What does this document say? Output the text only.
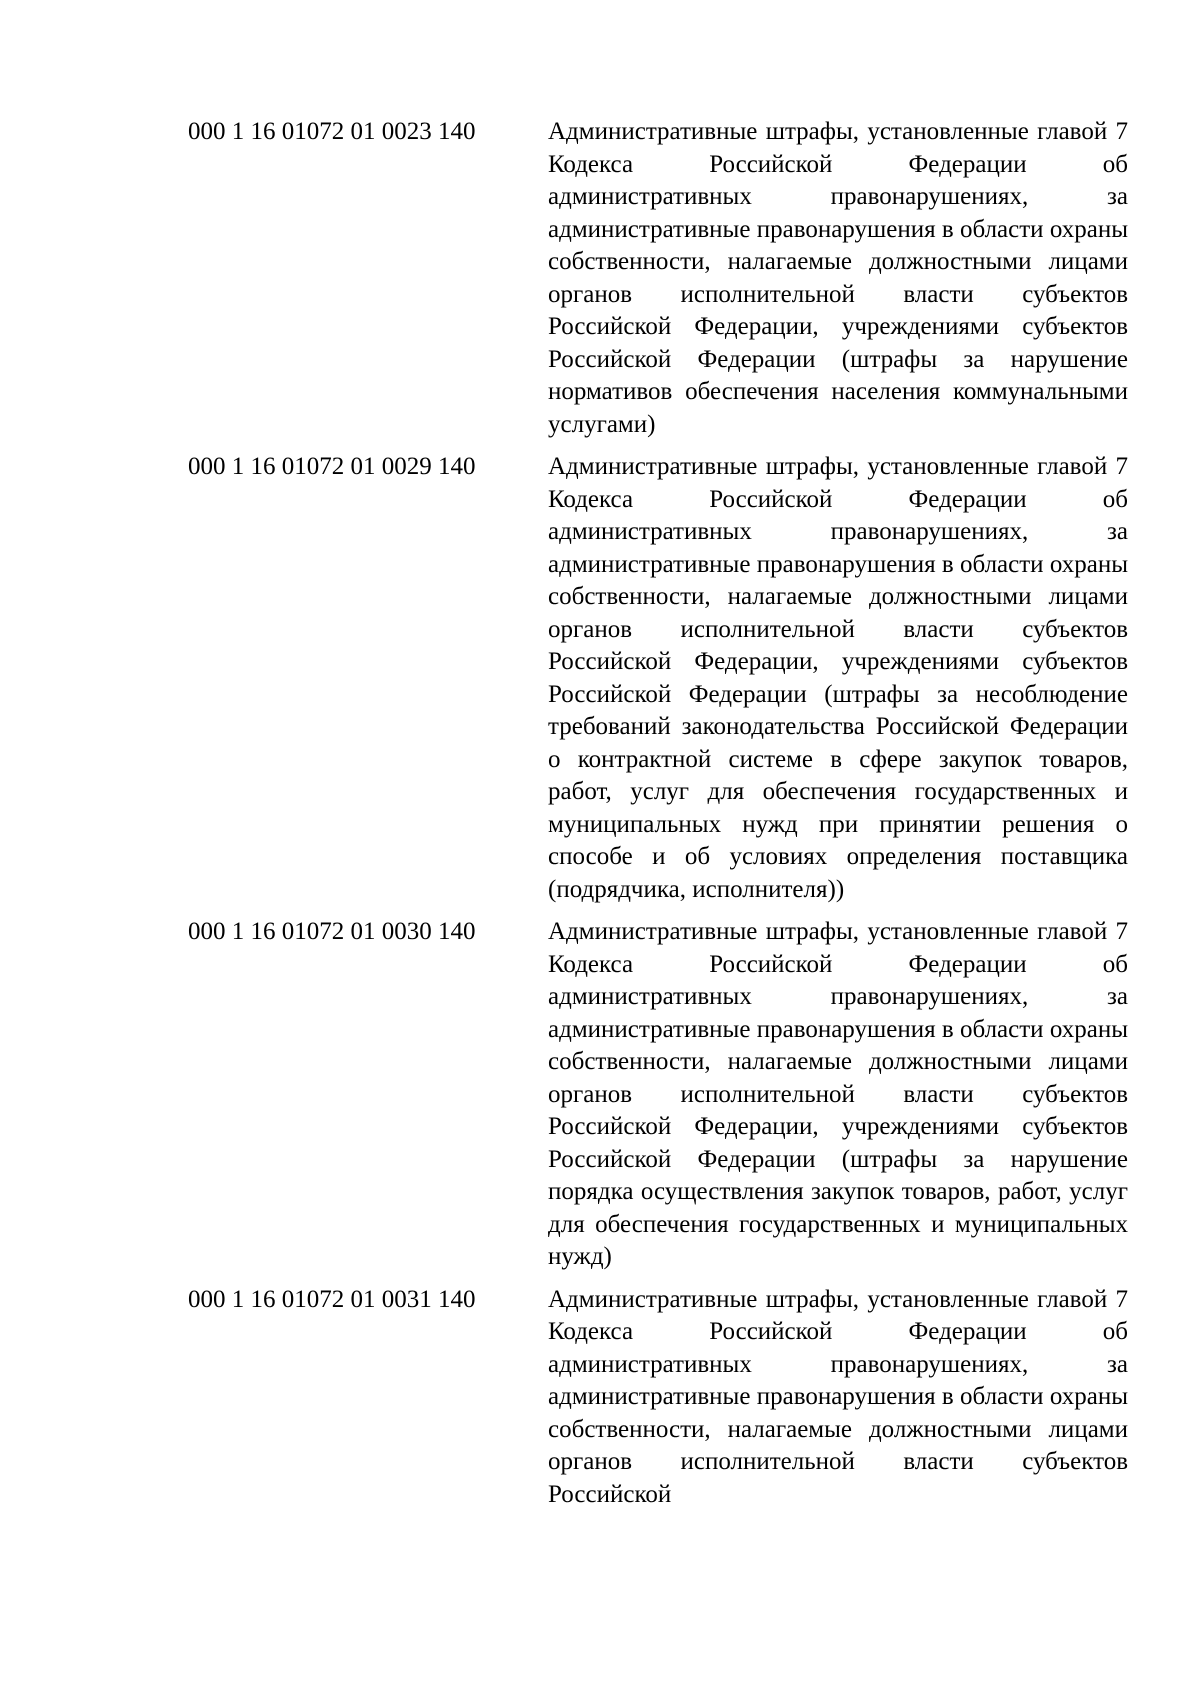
000 1 16 01072 01 0023 140	Административные штрафы, установленные главой 7 Кодекса Российской Федерации об административных правонарушениях, за административные правонарушения в области охраны собственности, налагаемые должностными лицами органов исполнительной власти субъектов Российской Федерации, учреждениями субъектов Российской Федерации (штрафы за нарушение нормативов обеспечения населения коммунальными услугами)
000 1 16 01072 01 0029 140	Административные штрафы, установленные главой 7 Кодекса Российской Федерации об административных правонарушениях, за административные правонарушения в области охраны собственности, налагаемые должностными лицами органов исполнительной власти субъектов Российской Федерации, учреждениями субъектов Российской Федерации (штрафы за несоблюдение требований законодательства Российской Федерации о контрактной системе в сфере закупок товаров, работ, услуг для обеспечения государственных и муниципальных нужд при принятии решения о способе и об условиях определения поставщика (подрядчика, исполнителя))
000 1 16 01072 01 0030 140	Административные штрафы, установленные главой 7 Кодекса Российской Федерации об административных правонарушениях, за административные правонарушения в области охраны собственности, налагаемые должностными лицами органов исполнительной власти субъектов Российской Федерации, учреждениями субъектов Российской Федерации (штрафы за нарушение порядка осуществления закупок товаров, работ, услуг для обеспечения государственных и муниципальных нужд)
000 1 16 01072 01 0031 140	Административные штрафы, установленные главой 7 Кодекса Российской Федерации об административных правонарушениях, за административные правонарушения в области охраны собственности, налагаемые должностными лицами органов исполнительной власти субъектов Российской
